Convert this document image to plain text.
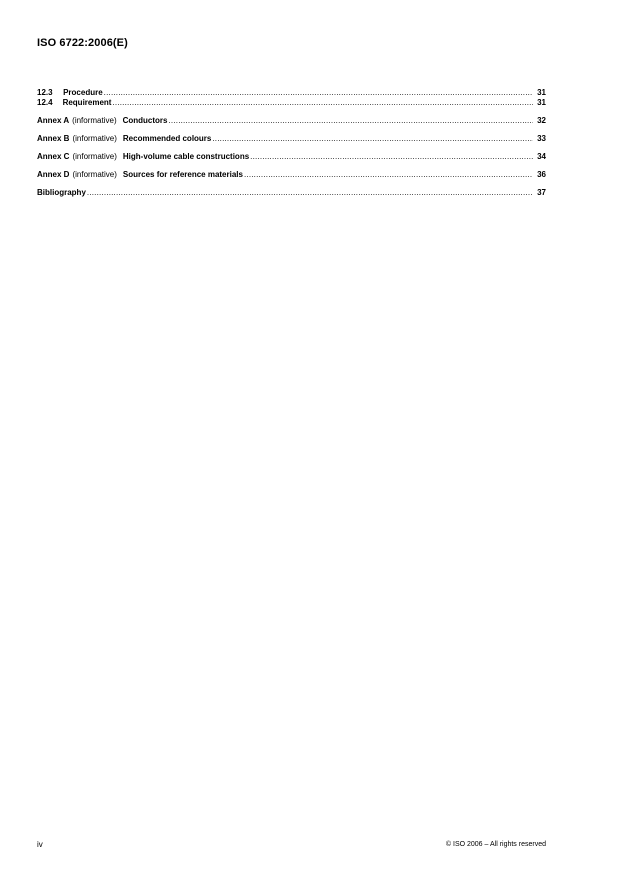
ISO 6722:2006(E)
12.3	Procedure .....	31
12.4	Requirement .....	31
Annex A (informative) Conductors .....	32
Annex B (informative) Recommended colours .....	33
Annex C (informative) High-volume cable constructions .....	34
Annex D (informative) Sources for reference materials .....	36
Bibliography .....	37
iv	© ISO 2006 – All rights reserved
